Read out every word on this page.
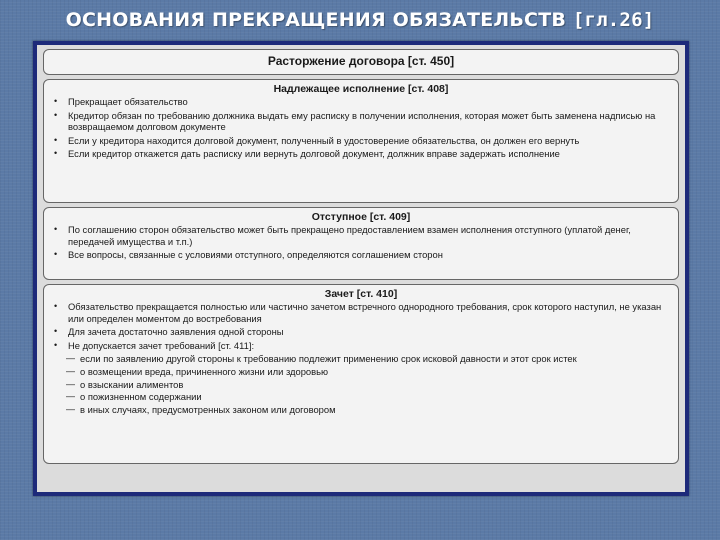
ОСНОВАНИЯ ПРЕКРАЩЕНИЯ ОБЯЗАТЕЛЬСТВ [гл.26]
Расторжение договора [ст. 450]
Надлежащее исполнение [ст. 408]
• Прекращает обязательство
• Кредитор обязан по требованию должника выдать ему расписку в получении исполнения, которая может быть заменена надписью на возвращаемом долговом документе
• Если у кредитора находится долговой документ, полученный в удостоверение обязательства, он должен его вернуть
• Если кредитор откажется дать расписку или вернуть долговой документ, должник вправе задержать исполнение
Отступное [ст. 409]
• По соглашению сторон обязательство может быть прекращено предоставлением взамен исполнения отступного (уплатой денег, передачей имущества и т.п.)
• Все вопросы, связанные с условиями отступного, определяются соглашением сторон
Зачет [ст. 410]
• Обязательство прекращается полностью или частично зачетом встречного однородного требования, срок которого наступил, не указан или определен моментом до востребования
• Для зачета достаточно заявления одной стороны
• Не допускается зачет требований [ст. 411]:
— если по заявлению другой стороны к требованию подлежит применению срок исковой давности и этот срок истек
— о возмещении вреда, причиненного жизни или здоровью
— о взыскании алиментов
— о пожизненном содержании
— в иных случаях, предусмотренных законом или договором
